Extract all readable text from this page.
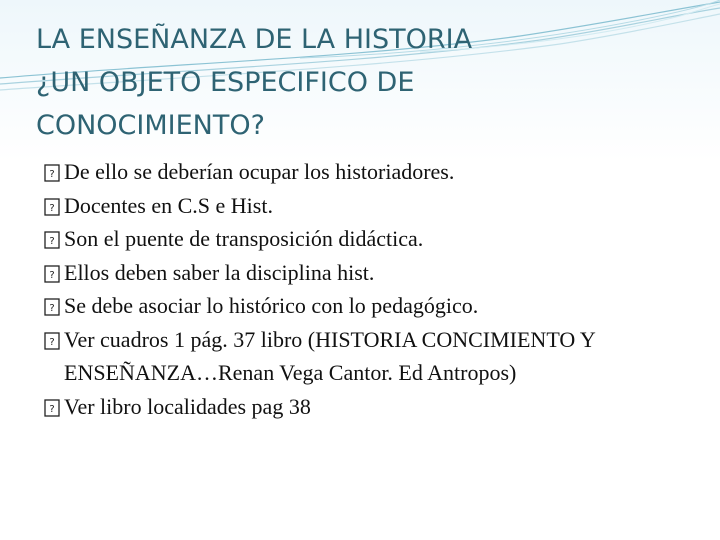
LA ENSEÑANZA DE LA HISTORIA
¿UN OBJETO ESPECIFICO DE
CONOCIMIENTO?
? De ello se deberían ocupar los historiadores.
? Docentes en C.S e Hist.
? Son el puente de transposición didáctica.
? Ellos deben saber la disciplina hist.
? Se debe asociar lo histórico con lo pedagógico.
? Ver cuadros 1 pág. 37 libro (HISTORIA CONCIMIENTO Y ENSEÑANZA…Renan Vega Cantor. Ed Antropos)
? Ver libro localidades pag 38
